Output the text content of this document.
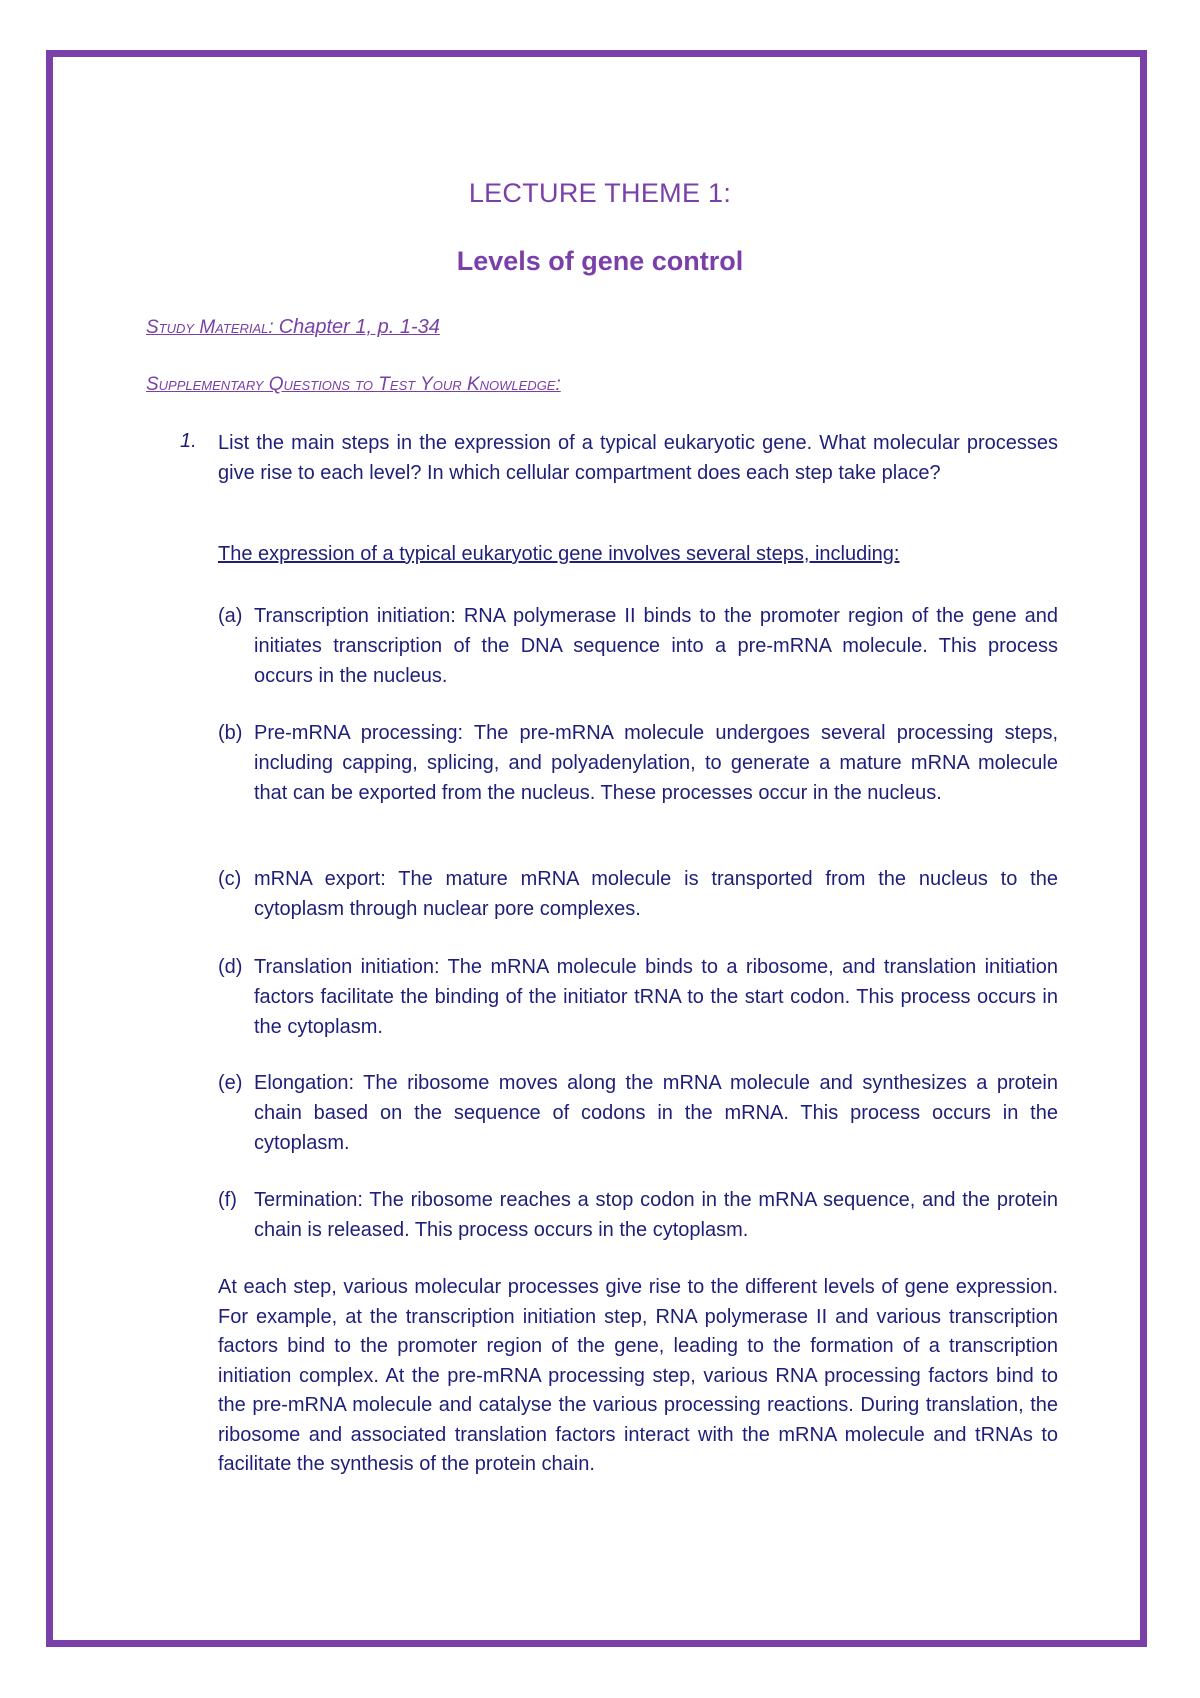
LECTURE THEME 1:
Levels of gene control
Study Material: Chapter 1, p. 1-34
Supplementary Questions to Test Your Knowledge:
1. List the main steps in the expression of a typical eukaryotic gene. What molecular processes give rise to each level? In which cellular compartment does each step take place?
The expression of a typical eukaryotic gene involves several steps, including:
(a) Transcription initiation: RNA polymerase II binds to the promoter region of the gene and initiates transcription of the DNA sequence into a pre-mRNA molecule. This process occurs in the nucleus.
(b) Pre-mRNA processing: The pre-mRNA molecule undergoes several processing steps, including capping, splicing, and polyadenylation, to generate a mature mRNA molecule that can be exported from the nucleus. These processes occur in the nucleus.
(c) mRNA export: The mature mRNA molecule is transported from the nucleus to the cytoplasm through nuclear pore complexes.
(d) Translation initiation: The mRNA molecule binds to a ribosome, and translation initiation factors facilitate the binding of the initiator tRNA to the start codon. This process occurs in the cytoplasm.
(e) Elongation: The ribosome moves along the mRNA molecule and synthesizes a protein chain based on the sequence of codons in the mRNA. This process occurs in the cytoplasm.
(f) Termination: The ribosome reaches a stop codon in the mRNA sequence, and the protein chain is released. This process occurs in the cytoplasm.
At each step, various molecular processes give rise to the different levels of gene expression. For example, at the transcription initiation step, RNA polymerase II and various transcription factors bind to the promoter region of the gene, leading to the formation of a transcription initiation complex. At the pre-mRNA processing step, various RNA processing factors bind to the pre-mRNA molecule and catalyse the various processing reactions. During translation, the ribosome and associated translation factors interact with the mRNA molecule and tRNAs to facilitate the synthesis of the protein chain.
